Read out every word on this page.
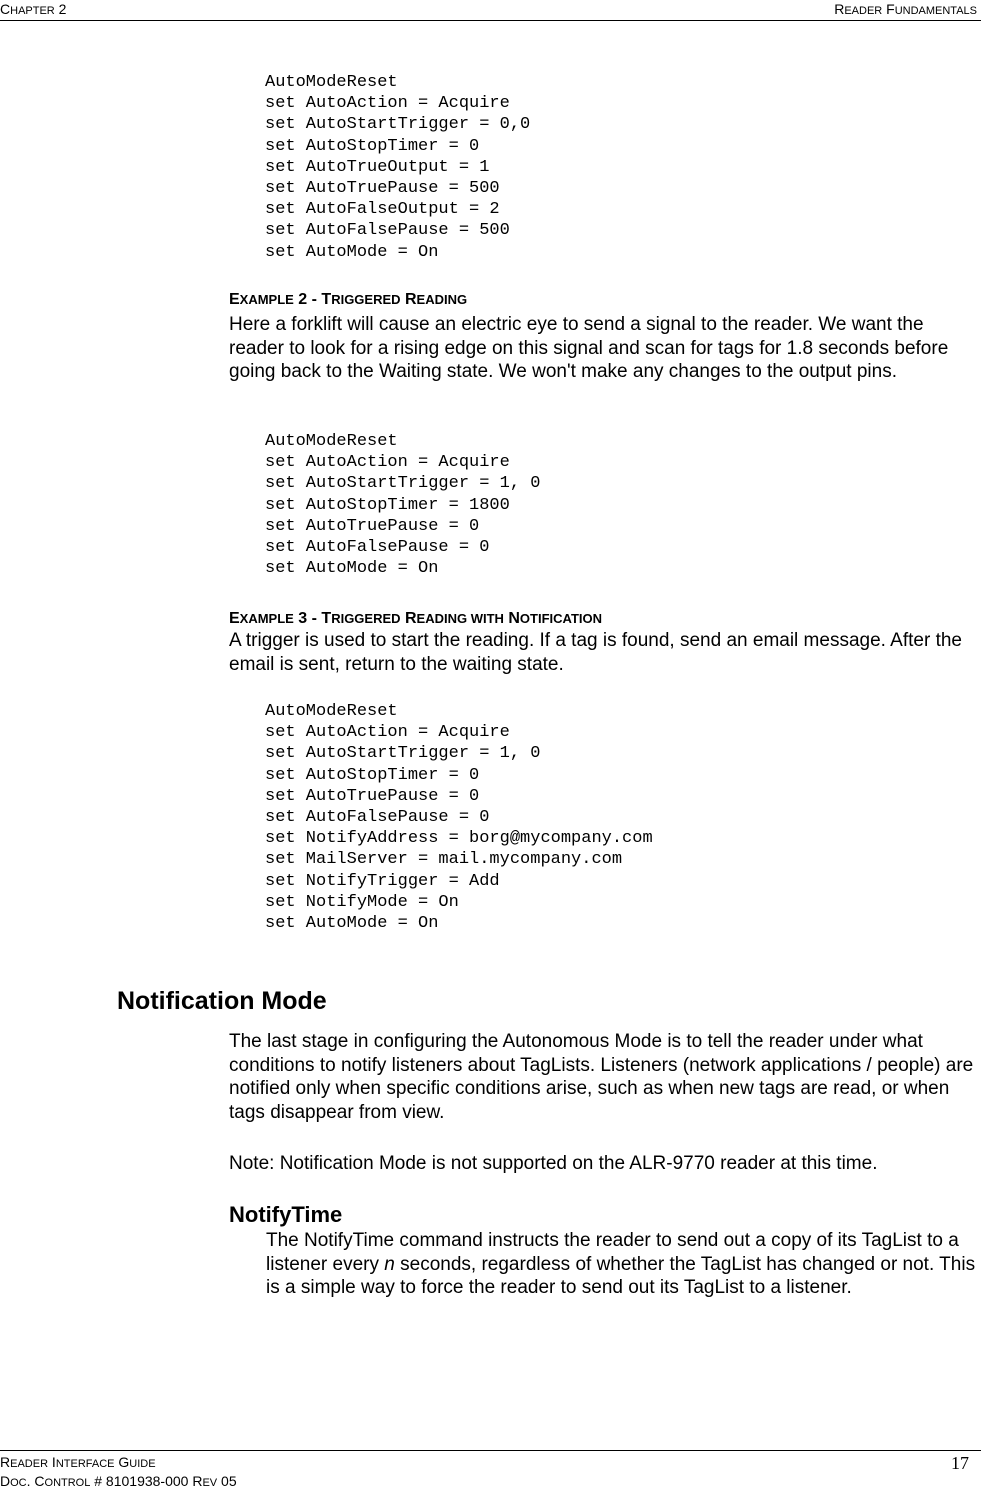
CHAPTER 2	READER FUNDAMENTALS
AutoModeReset
set AutoAction = Acquire
set AutoStartTrigger = 0,0
set AutoStopTimer = 0
set AutoTrueOutput = 1
set AutoTruePause = 500
set AutoFalseOutput = 2
set AutoFalsePause = 500
set AutoMode = On
EXAMPLE 2 - TRIGGERED READING
Here a forklift will cause an electric eye to send a signal to the reader. We want the reader to look for a rising edge on this signal and scan for tags for 1.8 seconds before going back to the Waiting state. We won't make any changes to the output pins.
AutoModeReset
set AutoAction = Acquire
set AutoStartTrigger = 1, 0
set AutoStopTimer = 1800
set AutoTruePause = 0
set AutoFalsePause = 0
set AutoMode = On
EXAMPLE 3 - TRIGGERED READING WITH NOTIFICATION
A trigger is used to start the reading. If a tag is found, send an email message. After the email is sent, return to the waiting state.
AutoModeReset
set AutoAction = Acquire
set AutoStartTrigger = 1, 0
set AutoStopTimer = 0
set AutoTruePause = 0
set AutoFalsePause = 0
set NotifyAddress = borg@mycompany.com
set MailServer = mail.mycompany.com
set NotifyTrigger = Add
set NotifyMode = On
set AutoMode = On
Notification Mode
The last stage in configuring the Autonomous Mode is to tell the reader under what conditions to notify listeners about TagLists. Listeners (network applications / people) are notified only when specific conditions arise, such as when new tags are read, or when tags disappear from view.
Note: Notification Mode is not supported on the ALR-9770 reader at this time.
NotifyTime
The NotifyTime command instructs the reader to send out a copy of its TagList to a listener every n seconds, regardless of whether the TagList has changed or not. This is a simple way to force the reader to send out its TagList to a listener.
READER INTERFACE GUIDE
DOC. CONTROL # 8101938-000 REV 05
17
